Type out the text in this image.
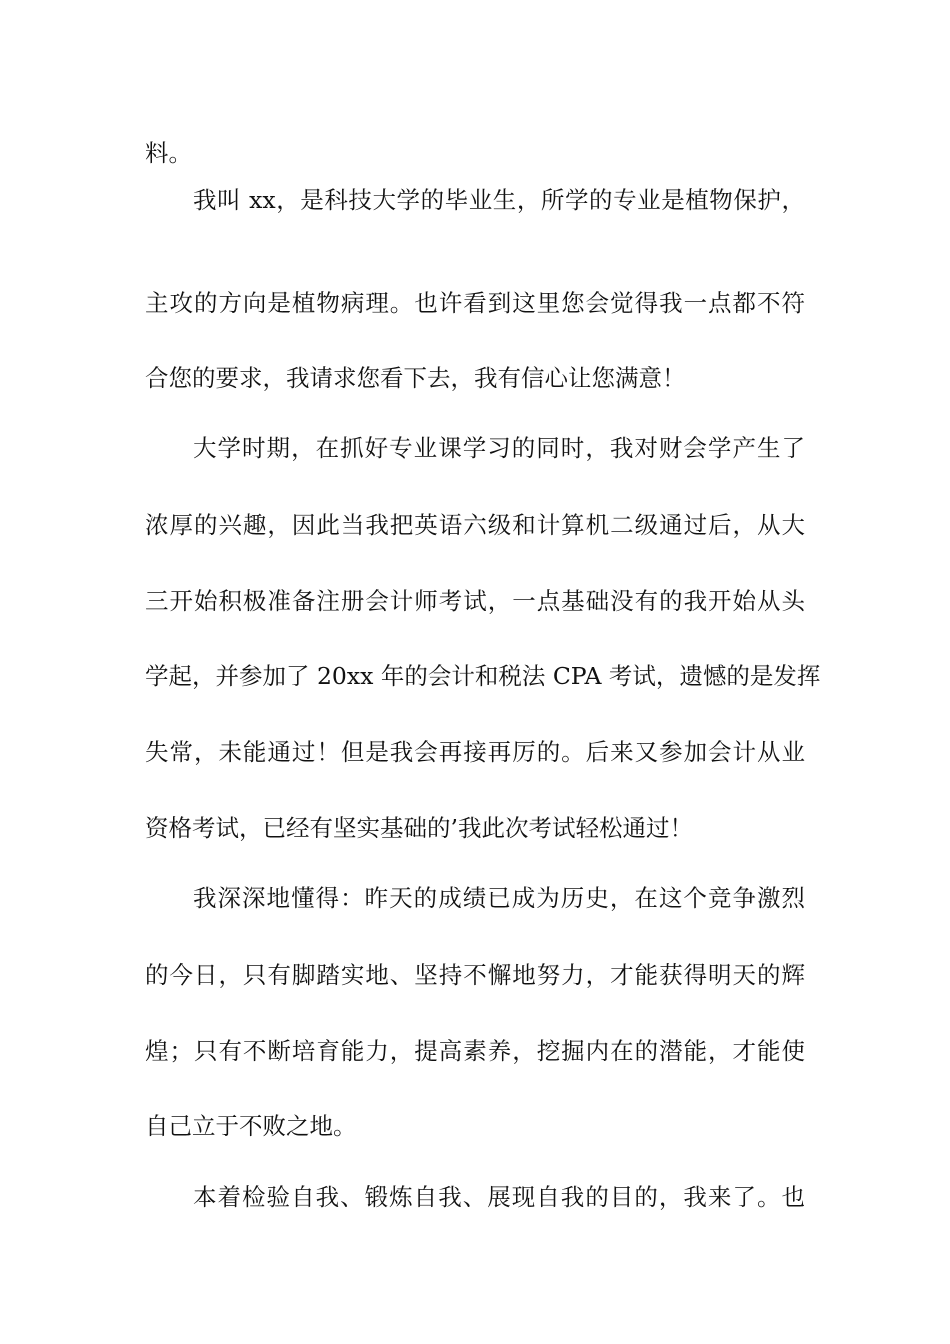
料。

我叫 xx，是科技大学的毕业生，所学的专业是植物保护，

主攻的方向是植物病理。也许看到这里您会觉得我一点都不符

合您的要求，我请求您看下去，我有信心让您满意！

大学时期，在抓好专业课学习的同时，我对财会学产生了

浓厚的兴趣，因此当我把英语六级和计算机二级通过后，从大

三开始积极准备注册会计师考试，一点基础没有的我开始从头

学起，并参加了 20xx 年的会计和税法 CPA 考试，遗憾的是发挥

失常，未能通过！但是我会再接再厉的。后来又参加会计从业

资格考试，已经有坚实基础的’我此次考试轻松通过！

我深深地懂得：昨天的成绩已成为历史，在这个竞争激烈

的今日，只有脚踏实地、坚持不懈地努力，才能获得明天的辉

煌；只有不断培育能力，提高素养，挖掘内在的潜能，才能使

自己立于不败之地。

本着检验自我、锻炼自我、展现自我的目的，我来了。也
